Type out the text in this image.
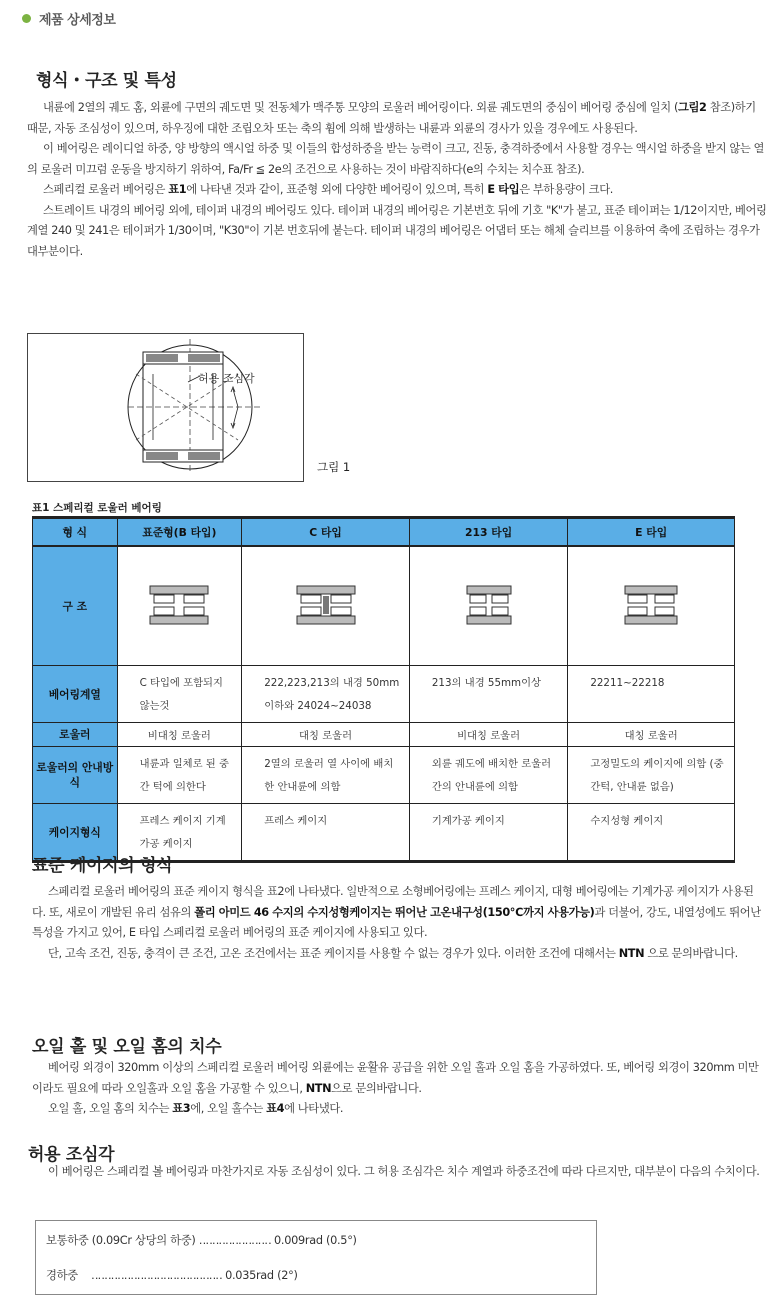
제품 상세정보
형식・구조 및 특성

내륜에 2열의 궤도 홈, 외륜에 구면의 궤도면 및 전동체가 맥주통 모양의 로울러 베어링이다. 외륜 궤도면의 중심이 베어링 중심에 일치 (그림2 참조)하기 때문, 자동 조심성이 있으며, 하우징에 대한 조립오차 또는 축의 휨에 의해 발생하는 내륜과 외륜의 경사가 있을 경우에도 사용된다.

이 베어링은 레이디얼 하중, 양 방향의 액시얼 하중 및 이들의 합성하중을 받는 능력이 크고, 진동, 충격하중에서 사용할 경우는 액시얼 하중을 받지 않는 열의 로울러 미끄럼 운동을 방지하기 위하여, Fa/Fr ≦ 2e의 조건으로 사용하는 것이 바람직하다(e의 수치는 치수표 참조).

스페리컬 로울러 베어링은 표1에 나타낸 것과 같이, 표준형 외에 다양한 베어링이 있으며, 특히 E 타입은 부하용량이 크다.

스트레이트 내경의 베어링 외에, 테이퍼 내경의 베어링도 있다. 테이퍼 내경의 베어링은 기본번호 뒤에 기호 "K"가 붙고, 표준 테이퍼는 1/12이지만, 베어링 계열 240 및 241은 테이퍼가 1/30이며, "K30"이 기본 번호뒤에 붙는다. 테이퍼 내경의 베어링은 어댑터 또는 해체 슬리브를 이용하여 축에 조립하는 경우가 대부분이다.

허용 조심각
그림 1
표1 스페리컬 로울러 베어링
형 식	표준형(B 타입)	C 타입	213 타입	E 타입
구 조				
베어링계열	C 타입에 포함되지 않는것	222,223,213의 내경 50mm 이하와 24024~24038	213의 내경 55mm이상	22211~22218
로울러	비대칭 로울러	대칭 로울러	비대칭 로울러	대칭 로울러
로울러의 안내방식	내륜과 일체로 된 중간 턱에 의한다	2열의 로울러 열 사이에 배치한 안내륜에 의함	외륜 궤도에 배치한 로울러 간의 안내륜에 의함	고정밀도의 케이지에 의함 (중간턱, 안내륜 없음)
케이지형식	프레스 케이지 기계가공 케이지	프레스 케이지	기계가공 케이지	수지성형 케이지
표준 케이지의 형식

스페리컬 로울러 베어링의 표준 케이지 형식을 표2에 나타냈다. 일반적으로 소형베어링에는 프레스 케이지, 대형 베어링에는 기계가공 케이지가 사용된다. 또, 새로이 개발된 유리 섬유의 폴리 아미드 46 수지의 수지성형케이지는 뛰어난 고온내구성(150℃까지 사용가능)과 더불어, 강도, 내열성에도 뛰어난 특성을 가지고 있어, E 타입 스페리컬 로울러 베어링의 표준 케이지에 사용되고 있다.

단, 고속 조건, 진동, 충격이 큰 조건, 고온 조건에서는 표준 케이지를 사용할 수 없는 경우가 있다. 이러한 조건에 대해서는 NTN 으로 문의바랍니다.

오일 홀 및 오일 홈의 치수

베어링 외경이 320mm 이상의 스페리컬 로울러 베어링 외륜에는 윤활유 공급을 위한 오일 홀과 오일 홈을 가공하였다. 또, 베어링 외경이 320mm 미만이라도 필요에 따라 오일홀과 오일 홈을 가공할 수 있으니, NTN으로 문의바랍니다.

오일 홀, 오일 홈의 치수는 표3에, 오일 홀수는 표4에 나타냈다.

허용 조심각

이 베어링은 스페리컬 볼 베어링과 마찬가지로 자동 조심성이 있다. 그 허용 조심각은 치수 계열과 하중조건에 따라 다르지만, 대부분이 다음의 수치이다.

보통하중 (0.09Cr 상당의 하중) ‥‥‥‥‥‥‥‥‥‥‥ 0.009rad (0.5°)
경하중 ‥‥‥‥‥‥‥‥‥‥‥‥‥‥‥‥‥‥‥‥ 0.035rad (2°)
